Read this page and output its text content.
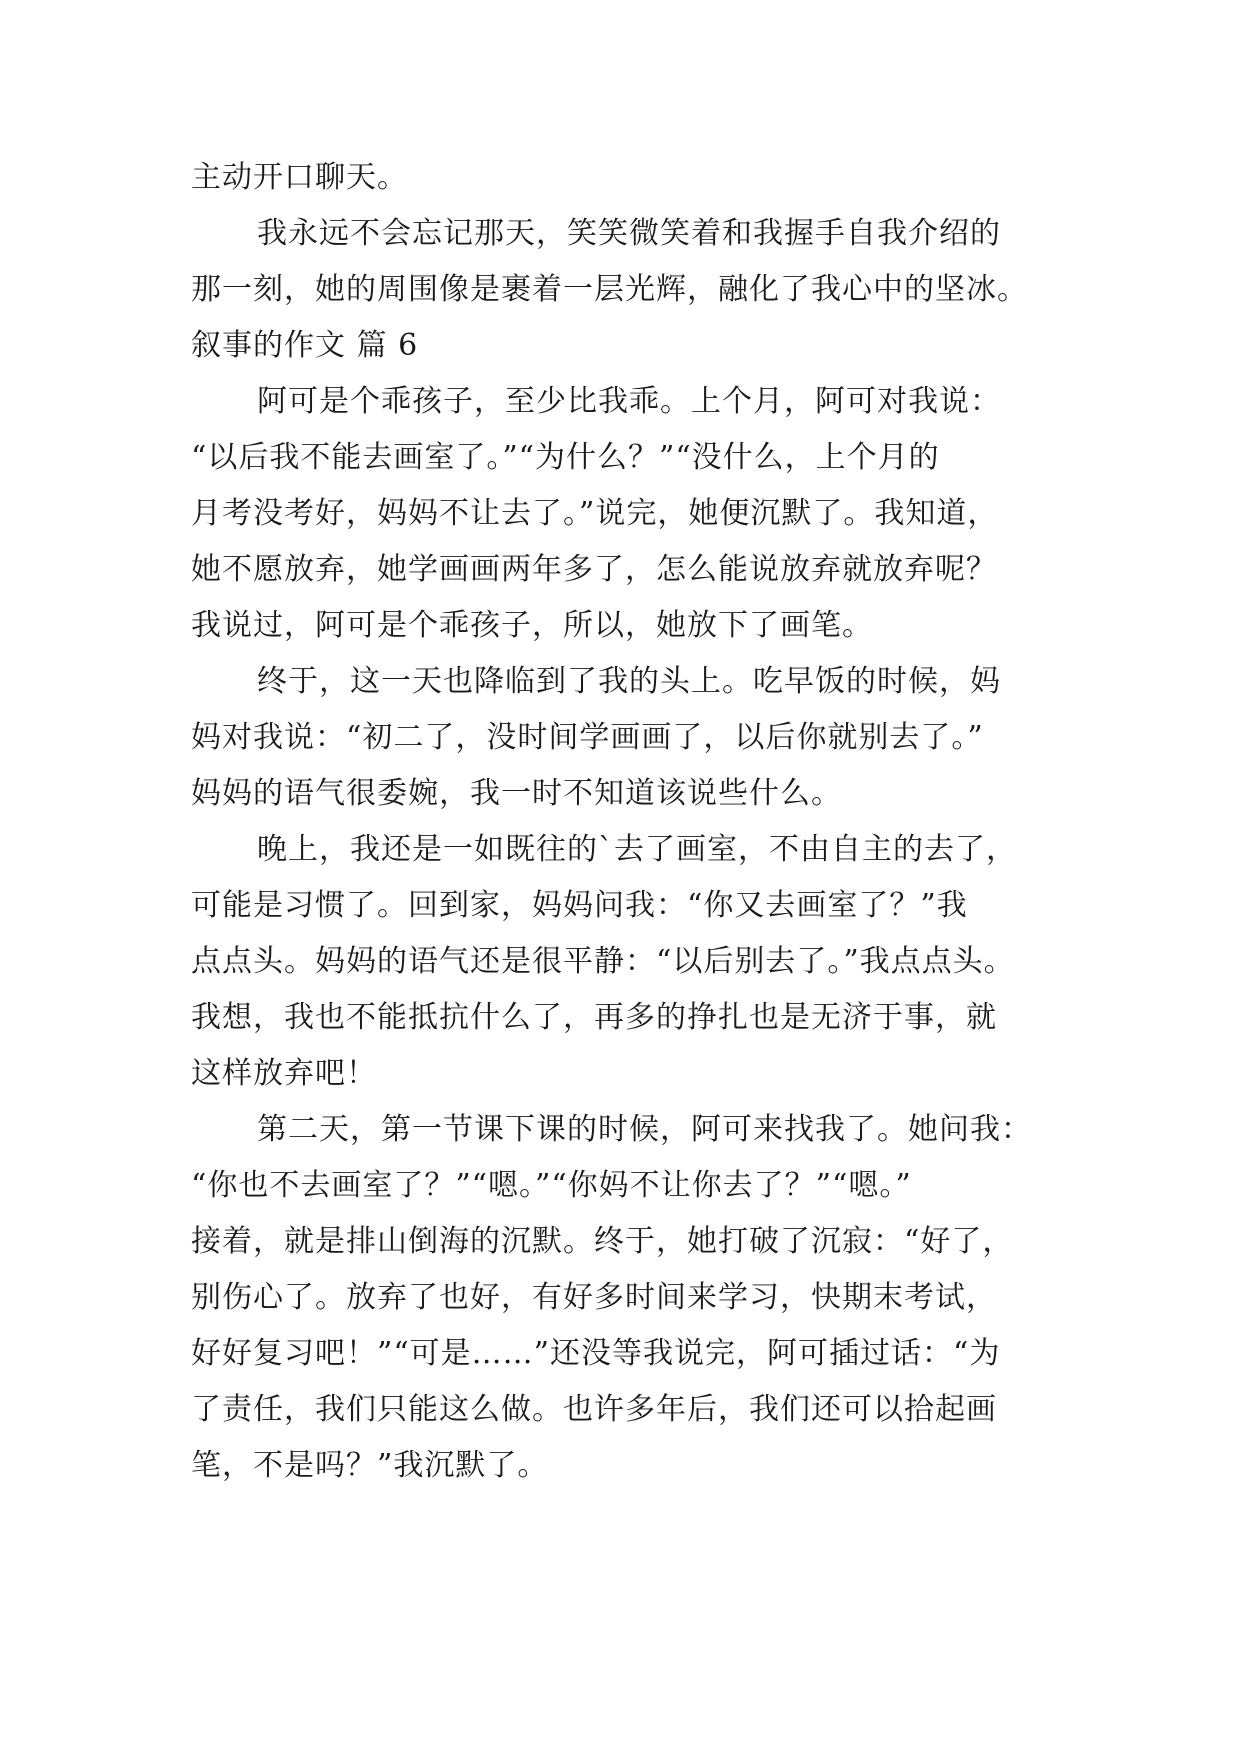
主动开口聊天。
我永远不会忘记那天，笑笑微笑着和我握手自我介绍的
那一刻，她的周围像是裹着一层光辉，融化了我心中的坚冰。
叙事的作文 篇 6
阿可是个乖孩子，至少比我乖。上个月，阿可对我说：
“以后我不能去画室了。”“为什么？”“没什么，上个月的
月考没考好，妈妈不让去了。”说完，她便沉默了。我知道，
她不愿放弃，她学画画两年多了，怎么能说放弃就放弃呢？
我说过，阿可是个乖孩子，所以，她放下了画笔。
终于，这一天也降临到了我的头上。吃早饭的时候，妈
妈对我说：“初二了，没时间学画画了，以后你就别去了。”
妈妈的语气很委婉，我一时不知道该说些什么。
晚上，我还是一如既往的`去了画室，不由自主的去了，
可能是习惯了。回到家，妈妈问我：“你又去画室了？”我
点点头。妈妈的语气还是很平静：“以后别去了。”我点点头。
我想，我也不能抵抗什么了，再多的挣扎也是无济于事，就
这样放弃吧！
第二天，第一节课下课的时候，阿可来找我了。她问我：
“你也不去画室了？”“嗯。”“你妈不让你去了？”“嗯。”
接着，就是排山倒海的沉默。终于，她打破了沉寂：“好了，
别伤心了。放弃了也好，有好多时间来学习，快期末考试，
好好复习吧！”“可是……”还没等我说完，阿可插过话：“为
了责任，我们只能这么做。也许多年后，我们还可以拾起画
笔，不是吗？”我沉默了。
